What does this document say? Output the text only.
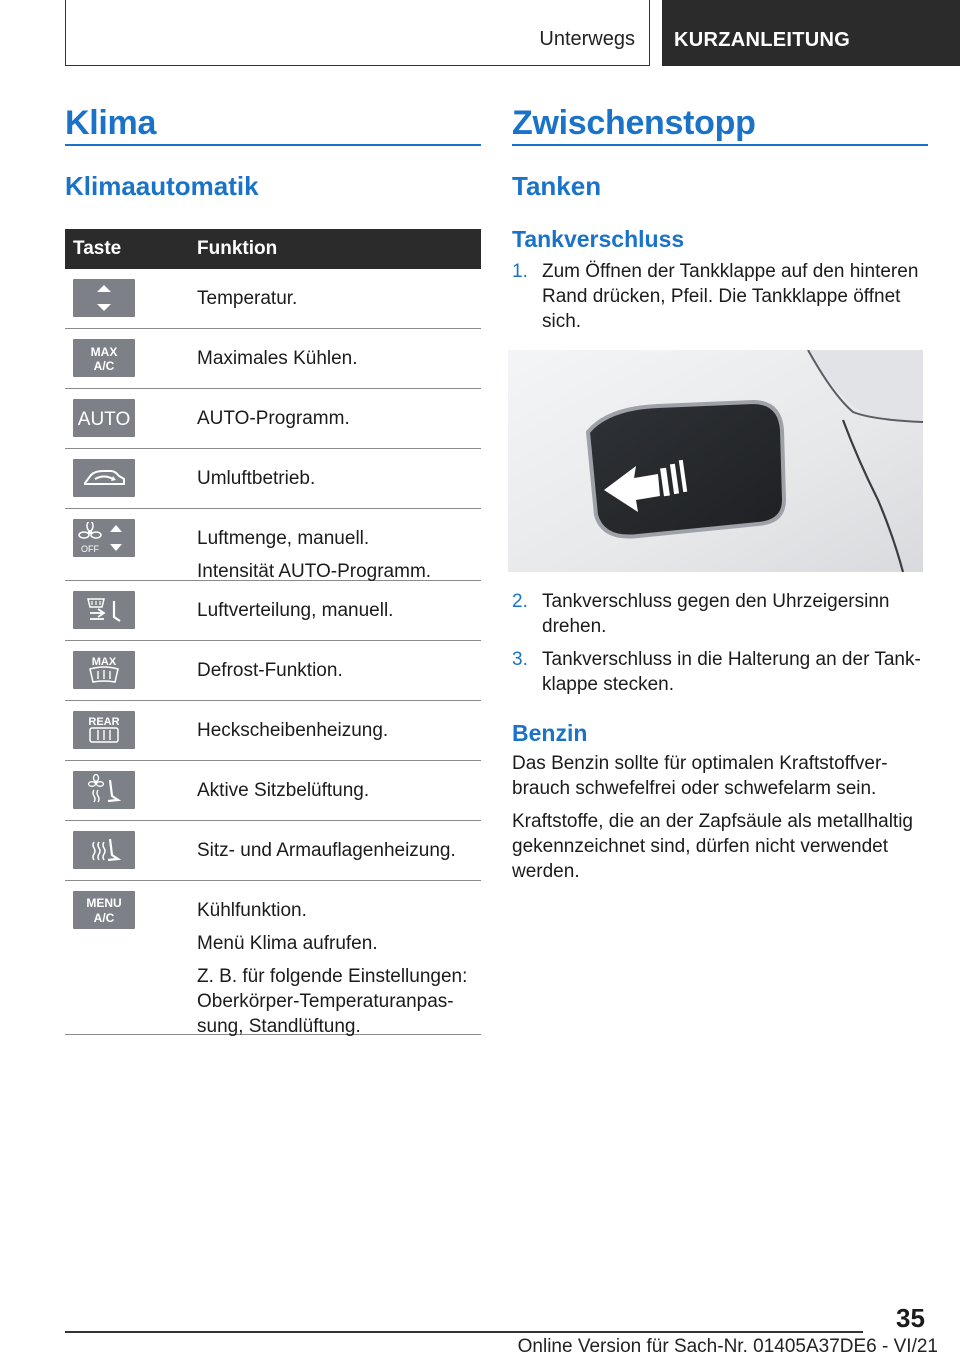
Unterwegs KURZANLEITUNG
Klima
Klimaautomatik
Taste	Funktion

Temperatur.

MAX
A/C	Maximales Kühlen.

AUTO	AUTO-Programm.

Umluftbetrieb.

OFF	Luftmenge, manuell.

Intensität AUTO-Programm.

Luftverteilung, manuell.

MAX	Defrost-Funktion.

REAR	Heckscheibenheizung.

Aktive Sitzbelüftung.

Sitz- und Armauflagenheizung.

MENU
A/C	Kühlfunktion.

Menü Klima aufrufen.

Z. B. für folgende Einstellungen: Oberkörper-Temperaturanpas-sung, Standlüftung.

Zwischenstopp
Tanken
Tankverschluss
1. Zum Öffnen der Tankklappe auf den hinteren Rand drücken, Pfeil. Die Tankklappe öffnet sich.
2. Tankverschluss gegen den Uhrzeigersinn drehen.
3. Tankverschluss in die Halterung an der Tank-klappe stecken.
Benzin

Das Benzin sollte für optimalen Kraftstoffver-brauch schwefelfrei oder schwefelarm sein.

Kraftstoffe, die an der Zapfsäule als metallhaltig gekennzeichnet sind, dürfen nicht verwendet werden.

35
Online Version für Sach-Nr. 01405A37DE6 - VI/21
